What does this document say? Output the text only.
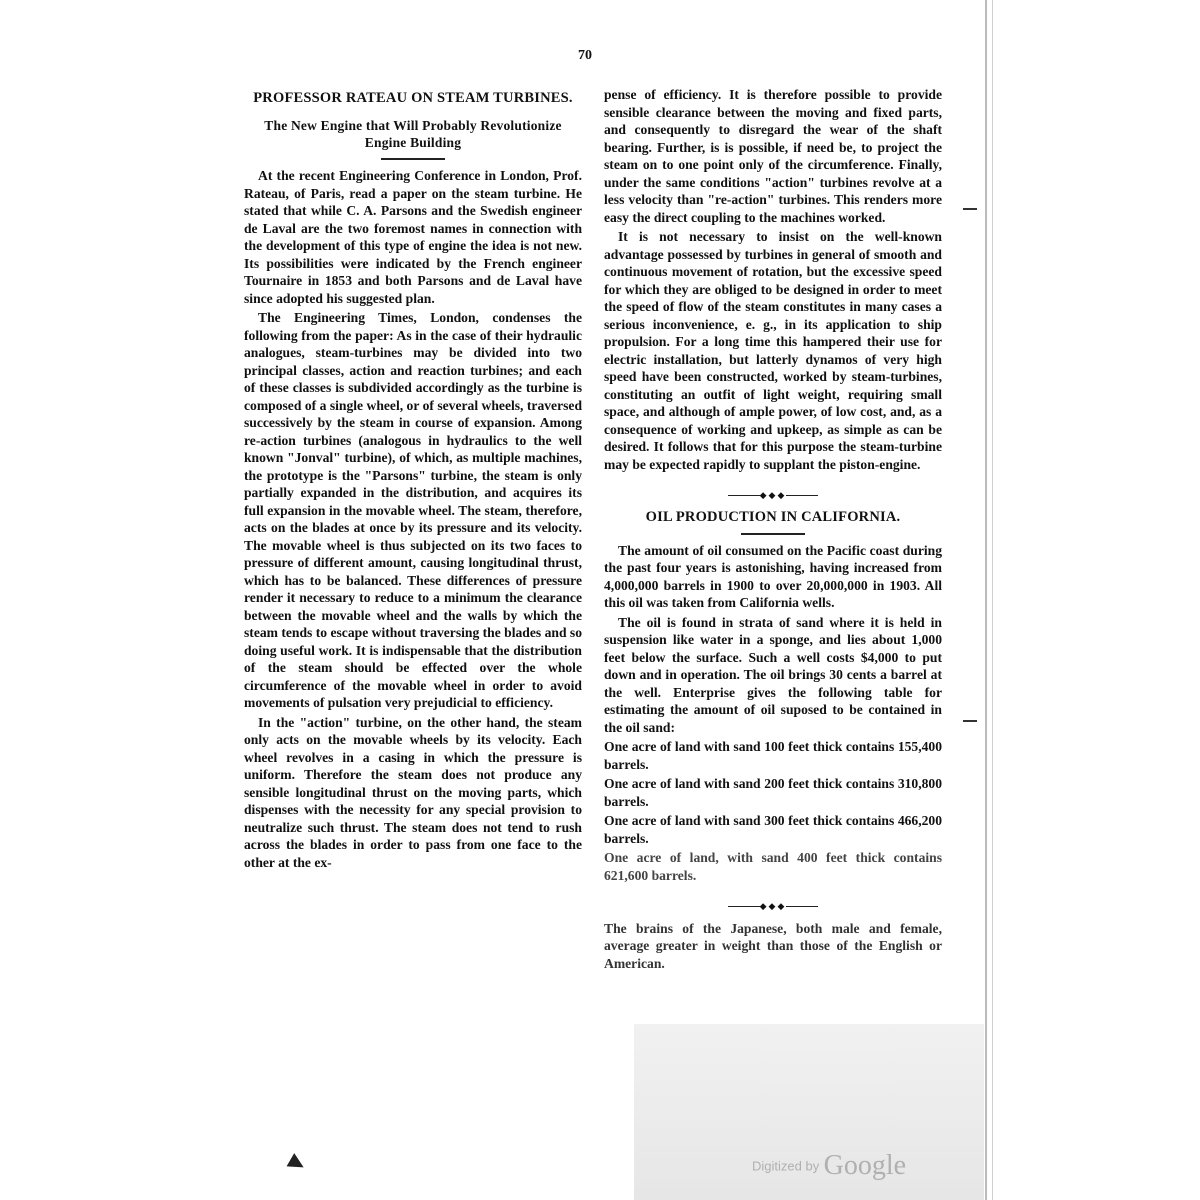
70
PROFESSOR RATEAU ON STEAM TURBINES.
The New Engine that Will Probably Revolutionize Engine Building

At the recent Engineering Conference in London, Prof. Rateau, of Paris, read a paper on the steam turbine. He stated that while C. A. Parsons and the Swedish engineer de Laval are the two foremost names in connection with the development of this type of engine the idea is not new. Its possibilities were indicated by the French engineer Tournaire in 1853 and both Parsons and de Laval have since adopted his suggested plan.

The Engineering Times, London, condenses the following from the paper: As in the case of their hydraulic analogues, steam-turbines may be divided into two principal classes, action and reaction turbines; and each of these classes is subdivided accordingly as the turbine is composed of a single wheel, or of several wheels, traversed successively by the steam in course of expansion. Among re-action turbines (analogous in hydraulics to the well known "Jonval" turbine), of which, as multiple machines, the prototype is the "Parsons" turbine, the steam is only partially expanded in the distribution, and acquires its full expansion in the movable wheel. The steam, therefore, acts on the blades at once by its pressure and its velocity. The movable wheel is thus subjected on its two faces to pressure of different amount, causing longitudinal thrust, which has to be balanced. These differences of pressure render it necessary to reduce to a minimum the clearance between the movable wheel and the walls by which the steam tends to escape without traversing the blades and so doing useful work. It is indispensable that the distribution of the steam should be effected over the whole circumference of the movable wheel in order to avoid movements of pulsation very prejudicial to efficiency.

In the "action" turbine, on the other hand, the steam only acts on the movable wheels by its velocity. Each wheel revolves in a casing in which the pressure is uniform. Therefore the steam does not produce any sensible longitudinal thrust on the moving parts, which dispenses with the necessity for any special provision to neutralize such thrust. The steam does not tend to rush across the blades in order to pass from one face to the other at the ex-

pense of efficiency. It is therefore possible to provide sensible clearance between the moving and fixed parts, and consequently to disregard the wear of the shaft bearing. Further, is is possible, if need be, to project the steam on to one point only of the circumference. Finally, under the same conditions "action" turbines revolve at a less velocity than "re-action" turbines. This renders more easy the direct coupling to the machines worked.

It is not necessary to insist on the well-known advantage possessed by turbines in general of smooth and continuous movement of rotation, but the excessive speed for which they are obliged to be designed in order to meet the speed of flow of the steam constitutes in many cases a serious inconvenience, e. g., in its application to ship propulsion. For a long time this hampered their use for electric installation, but latterly dynamos of very high speed have been constructed, worked by steam-turbines, constituting an outfit of light weight, requiring small space, and although of ample power, of low cost, and, as a consequence of working and upkeep, as simple as can be desired. It follows that for this purpose the steam-turbine may be expected rapidly to supplant the piston-engine.

◆◆◆
OIL PRODUCTION IN CALIFORNIA.

The amount of oil consumed on the Pacific coast during the past four years is astonishing, having increased from 4,000,000 barrels in 1900 to over 20,000,000 in 1903. All this oil was taken from California wells.

The oil is found in strata of sand where it is held in suspension like water in a sponge, and lies about 1,000 feet below the surface. Such a well costs $4,000 to put down and in operation. The oil brings 30 cents a barrel at the well. Enterprise gives the following table for estimating the amount of oil suposed to be contained in the oil sand:

One acre of land with sand 100 feet thick contains 155,400 barrels.

One acre of land with sand 200 feet thick contains 310,800 barrels.

One acre of land with sand 300 feet thick contains 466,200 barrels.

One acre of land, with sand 400 feet thick contains 621,600 barrels.

◆◆◆

The brains of the Japanese, both male and female, average greater in weight than those of the English or American.

Digitized by Google
▶
